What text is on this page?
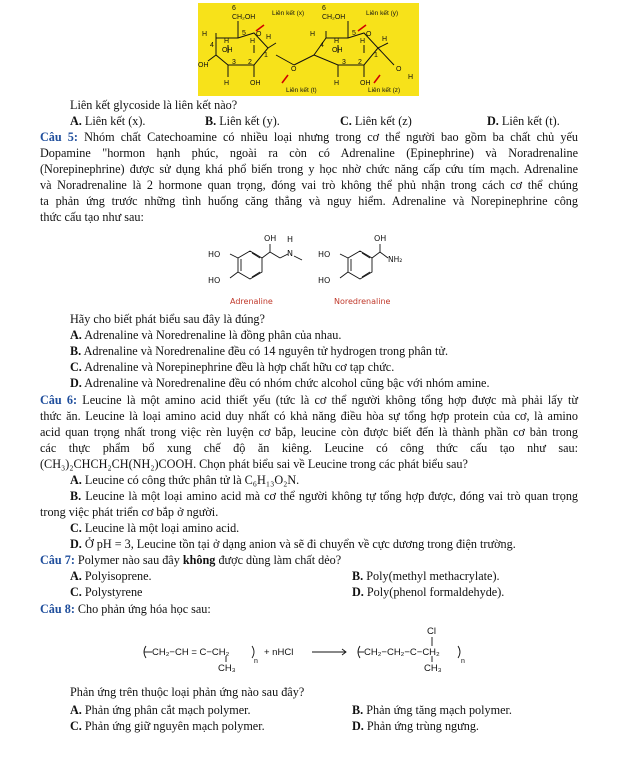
6
CH₂OH
6
CH₂OH
5	5
4	4
3	3
2	2
1	1
O	O
O	O
H
H
H
H
H
OH
OH
OH
H
H	H H
H
H
OH
OH
Liên kết (x)	Liên kết (y)
Liên kết (t)	Liên kết (z)
Liên kết glycoside là liên kết nào?
A. Liên kết (x).	B. Liên kết (y).	C. Liên kết (z)	D. Liên kết (t).
Câu 5: Nhóm chất Catechoamine có nhiều loại nhưng trong cơ thể người bao gồm ba chất chủ yếu
Dopamine "hormon hạnh phúc, ngoài ra còn có Adrenaline (Epinephrine) và Noradrenaline
(Norepinephrine) được sử dụng khá phổ biến trong y học nhờ chức năng cấp cứu tím mạch. Adrenaline
và Noradrenaline là 2 hormone quan trọng, đóng vai trò không thể phủ nhận trong cách cơ thể chúng
ta phản ứng trước những tình huống căng thẳng và nguy hiểm. Adrenaline và Norepinephrine công
thức cấu tạo như sau:
HO
HO
OH H
N	HO
HO
OH
NH₂
Adrenaline	Noredrenaline
Hãy cho biết phát biểu sau đây là đúng?
A. Adrenaline và Noredrenaline là đồng phân của nhau.
B. Adrenaline và Noredrenaline đều có 14 nguyên tử hydrogen trong phân tử.
C. Adrenaline và Norepinephrine đều là hợp chất hữu cơ tạp chức.
D. Adrenaline và Noredrenaline đều có nhóm chức alcohol cũng bậc với nhóm amine.
Câu 6: Leucine là một amino acid thiết yếu (tức là cơ thể người không tổng hợp được mà phải lấy từ
thức ăn. Leucine là loại amino acid duy nhất có khả năng điều hòa sự tổng hợp protein của cơ, là amino
acid quan trọng nhất trong việc rèn luyện cơ bắp, leucine còn được biết đến là thành phần cơ bản trong
các thực phẩm bổ xung chế độ ăn kiêng. Leucine có công thức cấu tạo như sau:
(CH₃)₂CHCH₂CH(NH₂)COOH. Chọn phát biểu sai về Leucine trong các phát biểu sau?
A. Leucine có công thức phân tử là C₆H₁₃O₂N.
B. Leucine là một loại amino acid mà cơ thể người không tự tổng hợp được, đóng vai trò quan trọng
trong việc phát triển cơ bắp ở người.
C. Leucine là một loại amino acid.
D. Ở pH = 3, Leucine tồn tại ở dạng anion và sẽ đi chuyển về cực dương trong điện trường.
Câu 7: Polymer nào sau đây không được dùng làm chất dẻo?
A. Polyisoprene.	B. Poly(methyl methacrylate).
C. Polystyrene	D. Poly(phenol formaldehyde).
Câu 8: Cho phản ứng hóa học sau:
CH₂−CH = C−CH₂
CH₃
n
+ nHCl	CH₂−CH₂−C−CH₂
Cl
CH₃
n
Phản ứng trên thuộc loại phản ứng nào sau đây?
A. Phản ứng phân cắt mạch polymer.	B. Phản ứng tăng mạch polymer.
C. Phản ứng giữ nguyên mạch polymer.	D. Phản ứng trùng ngưng.
